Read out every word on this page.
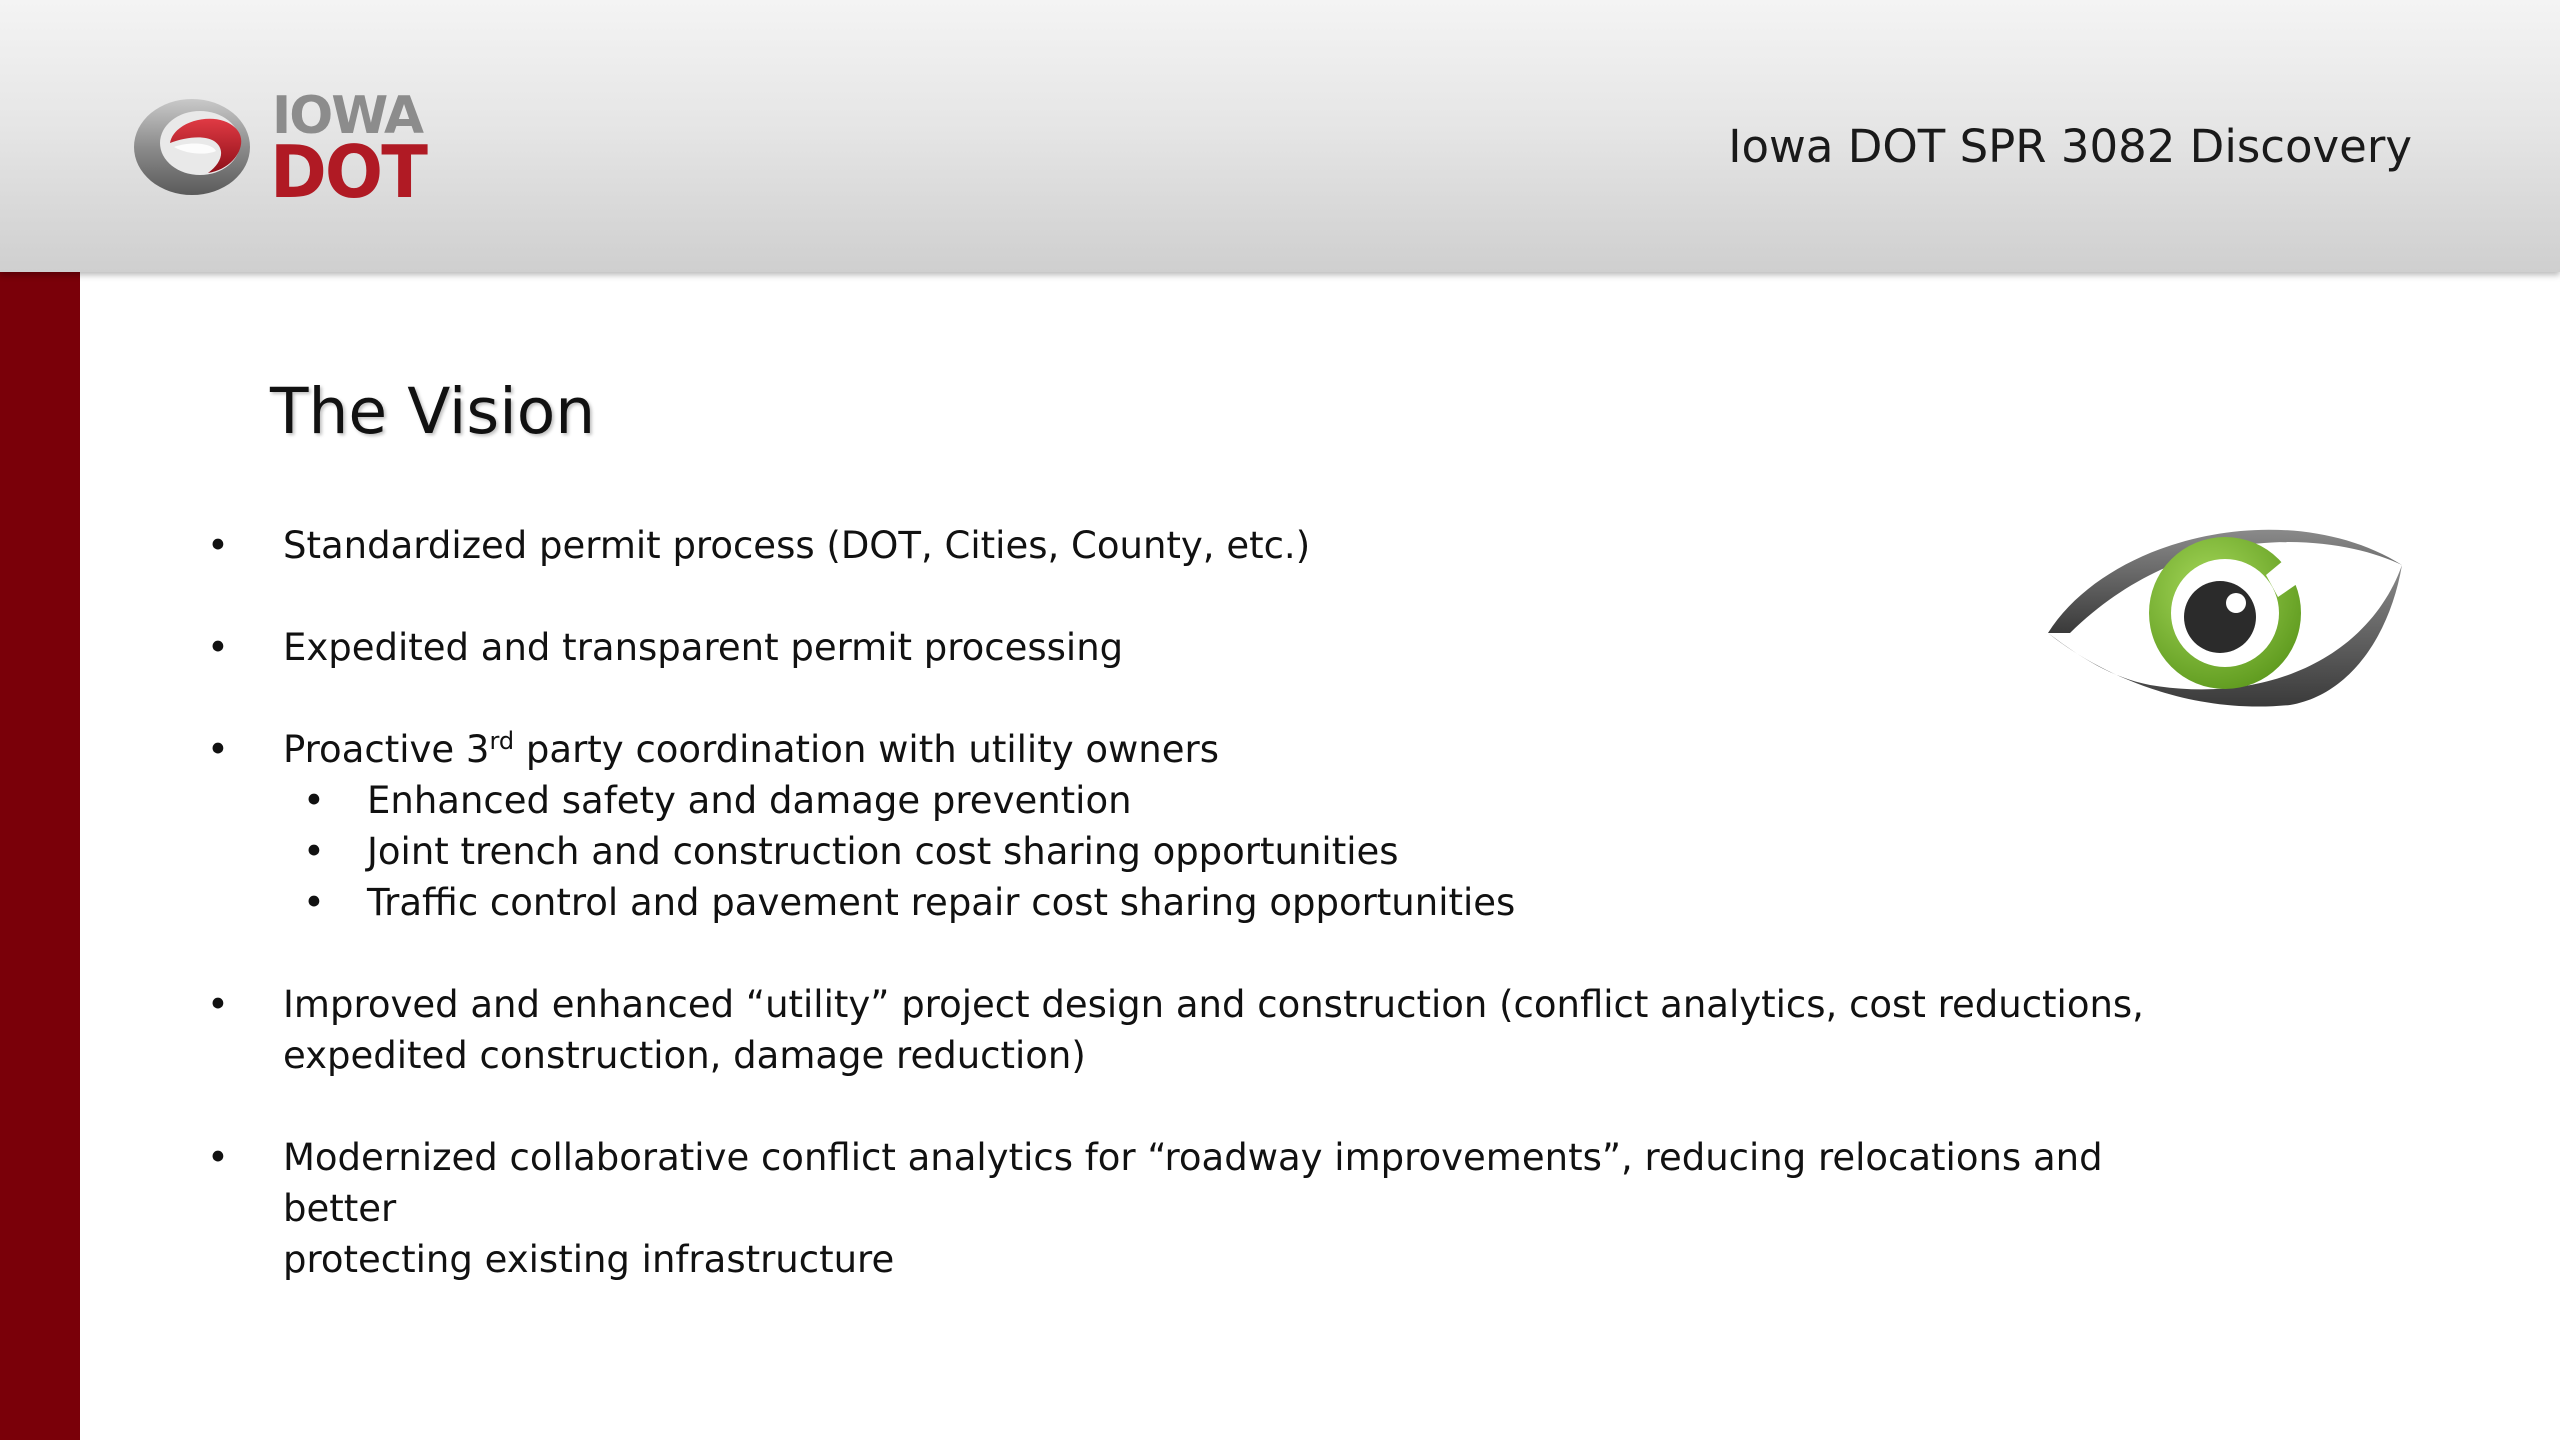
IOWA
DOT	Iowa DOT SPR 3082 Discovery
The Vision
• Standardized permit process (DOT, Cities, County, etc.)
• Expedited and transparent permit processing
• Proactive 3rd party coordination with utility owners
• Enhanced safety and damage prevention
• Joint trench and construction cost sharing opportunities
• Traffic control and pavement repair cost sharing opportunities
• Improved and enhanced “utility” project design and construction (conflict analytics, cost reductions,
expedited construction, damage reduction)
• Modernized collaborative conflict analytics for “roadway improvements”, reducing relocations and better
protecting existing infrastructure
